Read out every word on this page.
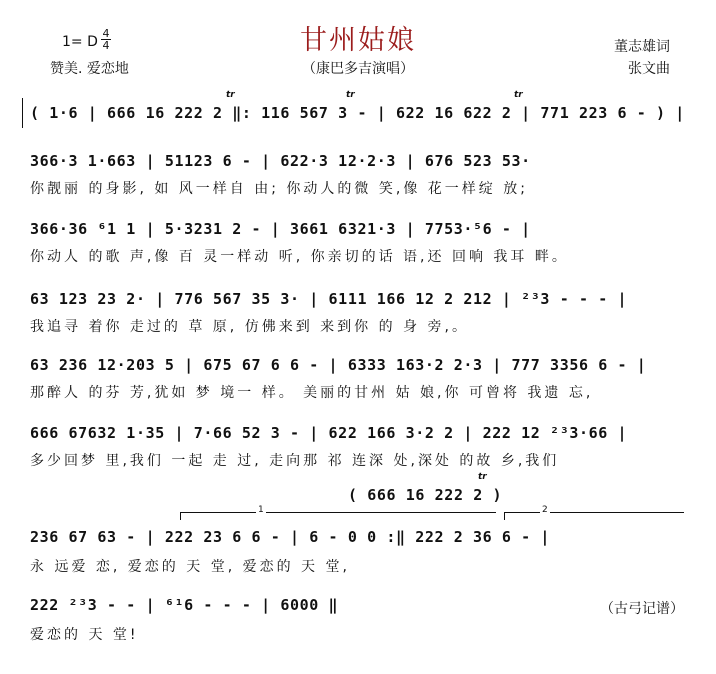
甘州姑娘
（康巴多吉演唱）
1= D
4
4
赞美. 爱恋地
董志雄词
张文曲
( 1·6 | 666 16 222 2 ‖: 116 567 3 - | 622 16 622 2 | 771 223 6 - ) |
tr	tr	tr
366·3 1·663 | 51123 6 - | 622·3 12·2·3 | 676 523 53·
你靓丽 的身影, 如 风一样自 由; 你动人的微 笑,像 花一样绽 放;
366·36 ⁶1 1 | 5·3231 2 - | 3661 6321·3 | 7753·⁵6 - |
你动人 的歌 声,像 百 灵一样动 听, 你亲切的话 语,还 回响 我耳 畔。
63 123 23 2· | 776 567 35 3· | 6111 166 12 2 212 | ²³3 - - - |
我追寻 着你 走过的 草 原, 仿佛来到 来到你 的 身 旁,。
63 236 12·203 5 | 675 67 6 6 - | 6333 163·2 2·3 | 777 3356 6 - |
那醉人 的芬 芳,犹如 梦 境一 样。 美丽的甘州 姑 娘,你 可曾将 我遗 忘,
666 67632 1·35 | 7·66 52 3 - | 622 166 3·2 2 | 222 12 ²³3·66 |
多少回梦 里,我们 一起 走 过, 走向那 祁 连深 处,深处 的故 乡,我们
( 666 16 222 2 )
tr
1	2
236 67 63 - | 222 23 6 6 - | 6 - 0 0 :‖ 222 2 36 6 - |
永 远爱 恋, 爱恋的 天 堂, 爱恋的 天 堂,
222 ²³3 - - | ⁶¹6 - - - | 6000 ‖
爱恋的 天 堂!
（古弓记谱）
